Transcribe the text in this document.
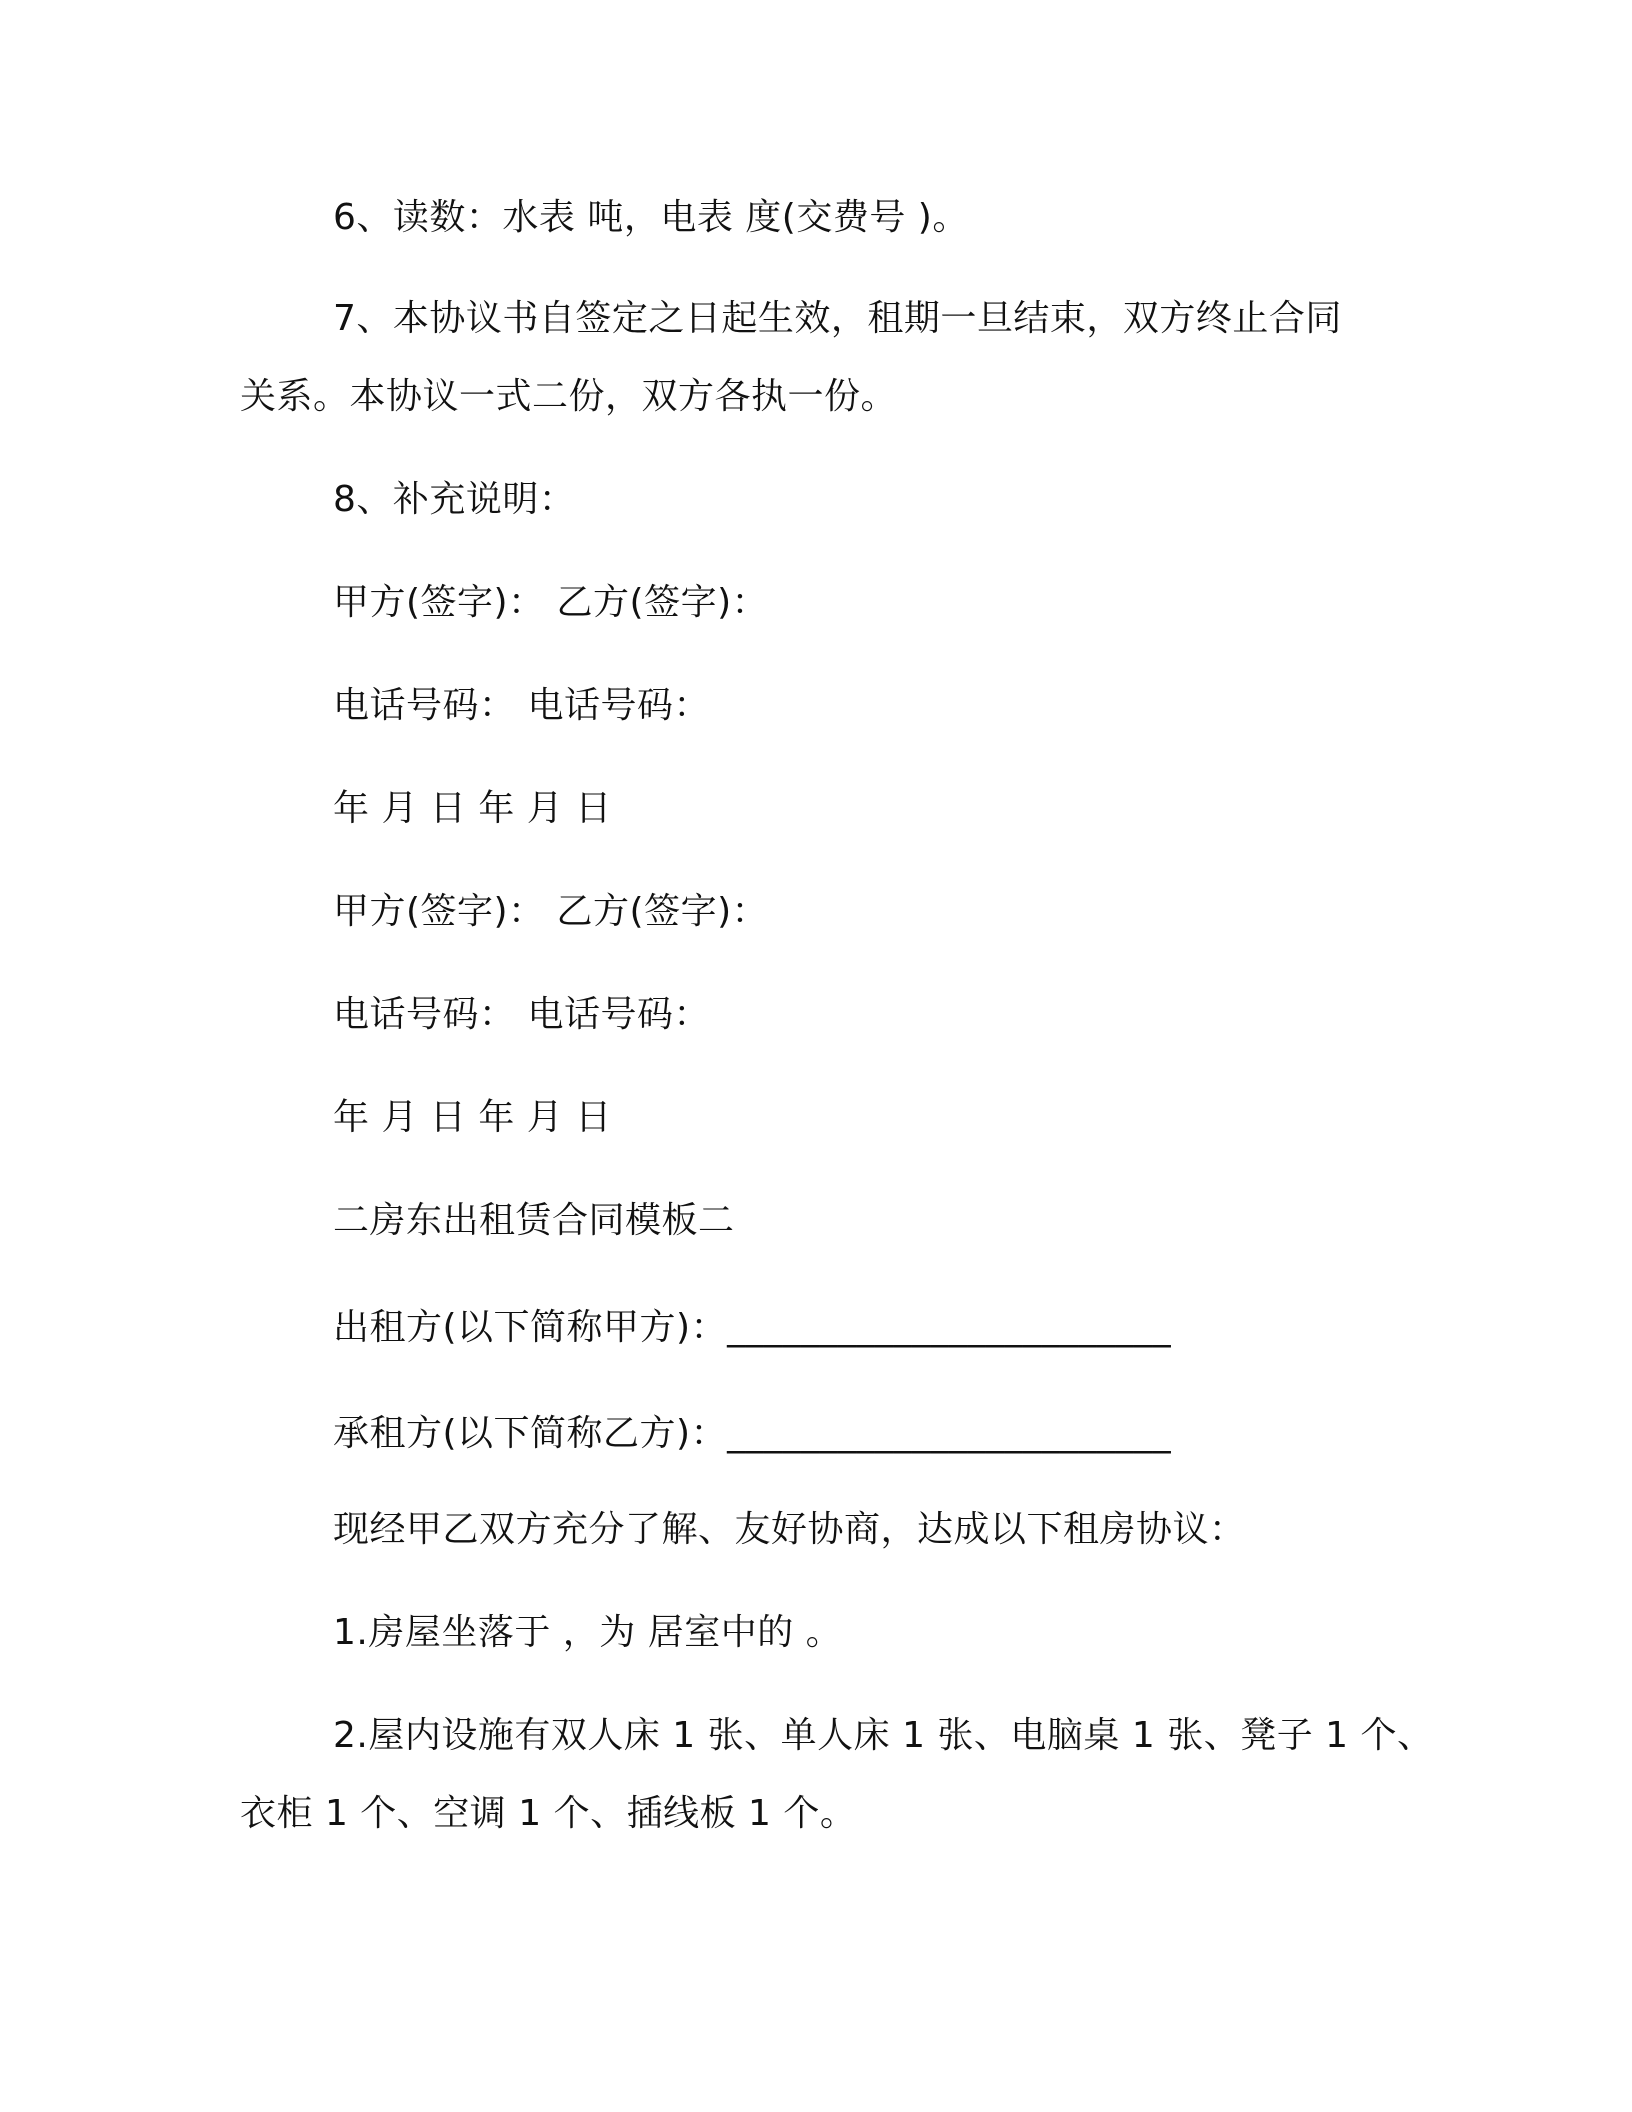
6、读数：水表 吨，电表 度(交费号 )。
7、本协议书自签定之日起生效，租期一旦结束，双方终止合同
关系。本协议一式二份，双方各执一份。
8、补充说明：
甲方(签字)： 乙方(签字)：
电话号码： 电话号码：
年 月 日 年 月 日
甲方(签字)： 乙方(签字)：
电话号码： 电话号码：
年 月 日 年 月 日
二房东出租赁合同模板二
出租方(以下简称甲方)：________________________
承租方(以下简称乙方)：________________________
现经甲乙双方充分了解、友好协商，达成以下租房协议：
1.房屋坐落于 ，为 居室中的 。
2.屋内设施有双人床 1 张、单人床 1 张、电脑桌 1 张、凳子 1 个、
衣柜 1 个、空调 1 个、插线板 1 个。
